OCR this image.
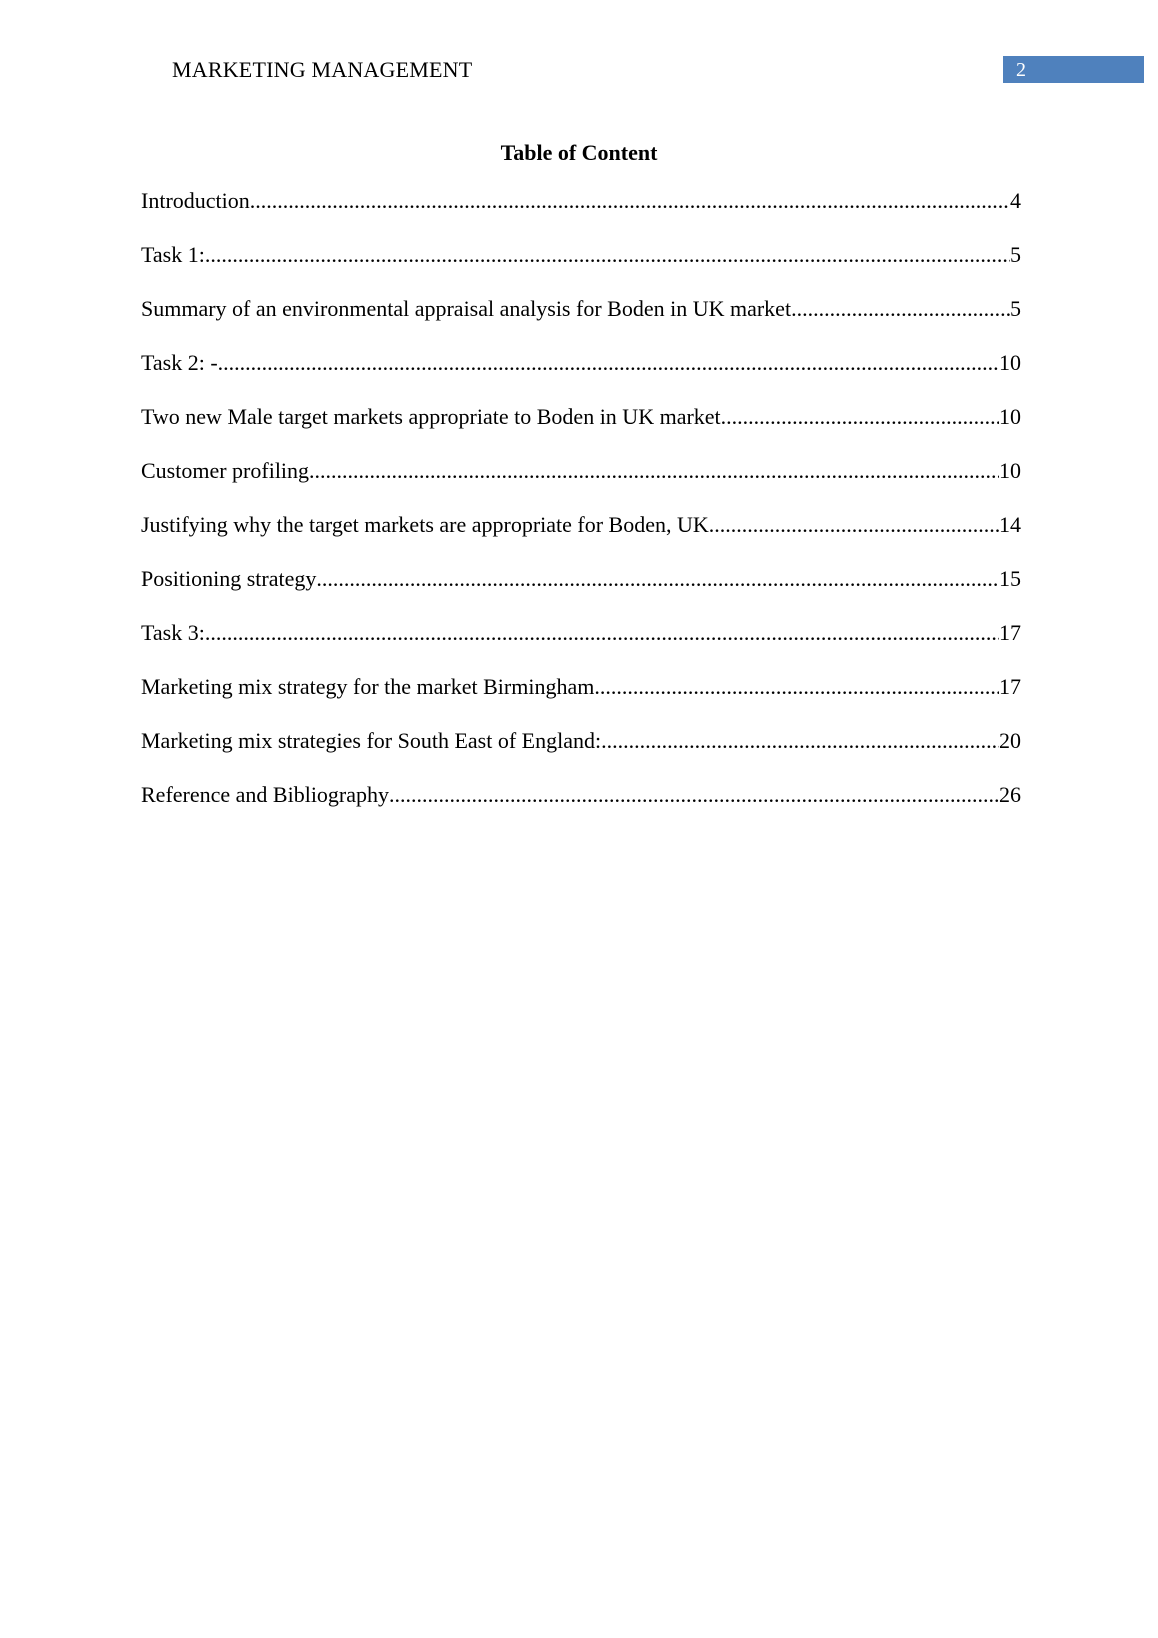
MARKETING MANAGEMENT	2
Table of Content
Introduction .....	4
Task 1: .....	5
Summary of an environmental appraisal analysis for Boden in UK market .....	5
Task 2: - .....	10
Two new Male target markets appropriate to Boden in UK market .....	10
Customer profiling .....	10
Justifying why the target markets are appropriate for Boden, UK .....	14
Positioning strategy .....	15
Task 3: .....	17
Marketing mix strategy for the market Birmingham .....	17
Marketing mix strategies for South East of England: .....	20
Reference and Bibliography .....	26
